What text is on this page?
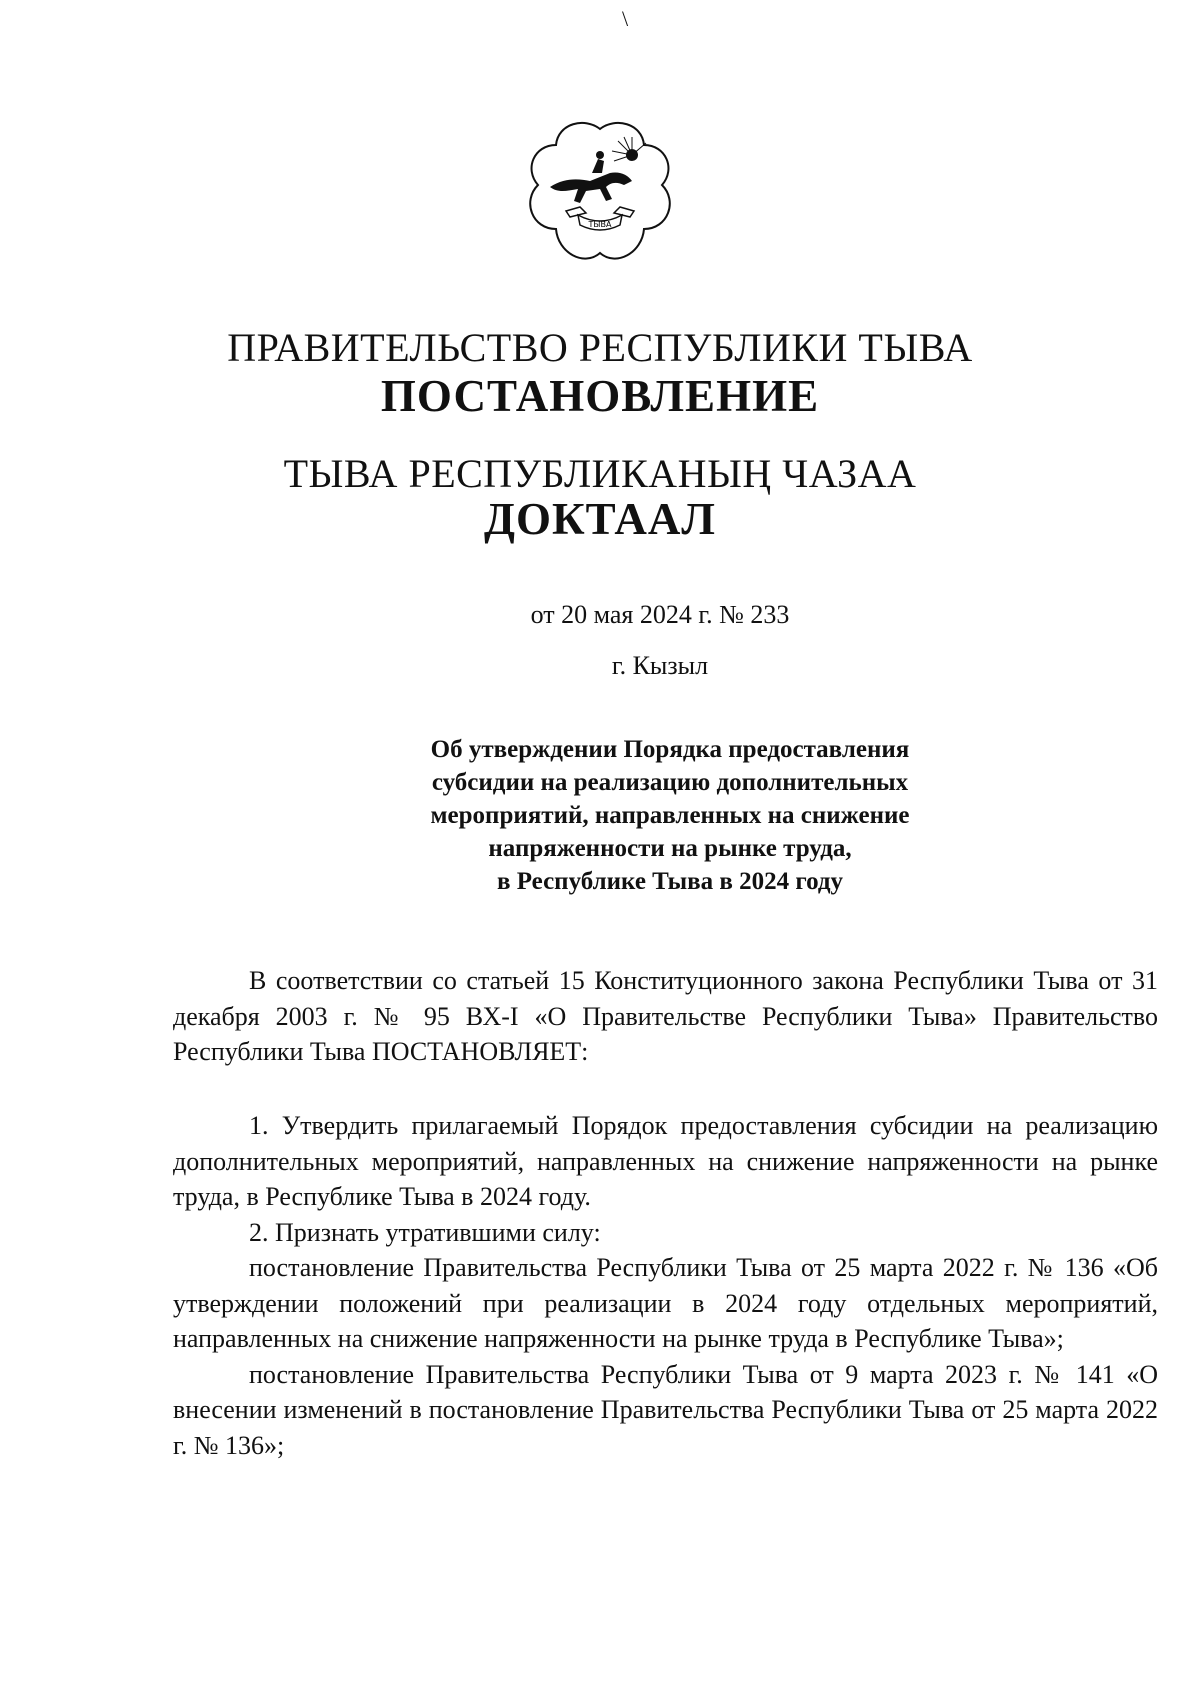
\
ТЫВА
ПРАВИТЕЛЬСТВО РЕСПУБЛИКИ ТЫВА
ПОСТАНОВЛЕНИЕ
ТЫВА РЕСПУБЛИКАНЫҢ ЧАЗАА
ДОКТААЛ
от 20 мая 2024 г. № 233
г. Кызыл
Об утверждении Порядка предоставления
субсидии на реализацию дополнительных
мероприятий, направленных на снижение
напряженности на рынке труда,
в Республике Тыва в 2024 году

В соответствии со статьей 15 Конституционного закона Республики Тыва от 31 декабря 2003 г. № 95 ВХ-I «О Правительстве Республики Тыва» Правительство Республики Тыва ПОСТАНОВЛЯЕТ:

1. Утвердить прилагаемый Порядок предоставления субсидии на реализацию дополнительных мероприятий, направленных на снижение напряженности на рынке труда, в Республике Тыва в 2024 году.

2. Признать утратившими силу:

постановление Правительства Республики Тыва от 25 марта 2022 г. № 136 «Об утверждении положений при реализации в 2024 году отдельных мероприятий, направленных на снижение напряженности на рынке труда в Республике Тыва»;

постановление Правительства Республики Тыва от 9 марта 2023 г. № 141 «О внесении изменений в постановление Правительства Республики Тыва от 25 марта 2022 г. № 136»;
